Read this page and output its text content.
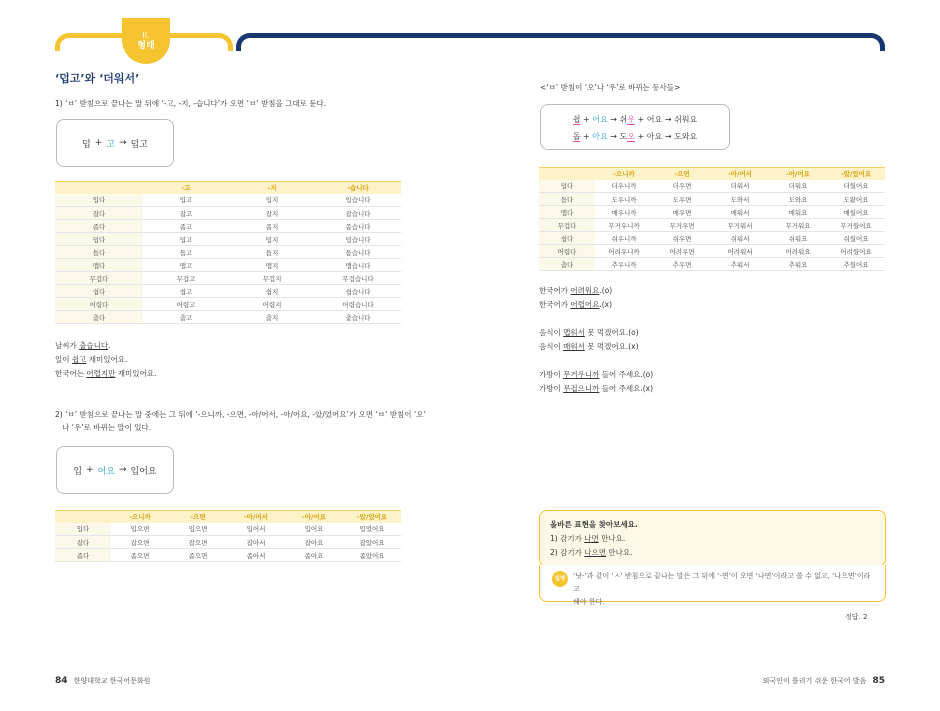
II.
형태
‘덥고’와 ‘더워서’
1) ‘ㅂ’ 받침으로 끝나는 말 뒤에 ‘-고, -지, -습니다’가 오면 ‘ㅂ’ 받침을 그대로 둔다.
덥 + 고 → 덥고
	-고	-지	-습니다
입다	입고	입지	입습니다
잡다	잡고	잡지	잡습니다
좁다	좁고	좁지	좁습니다
덥다	덥고	덥지	덥습니다
돕다	돕고	돕지	돕습니다
맵다	맵고	맵지	맵습니다
무겁다	무겁고	무겁지	무겁습니다
쉽다	쉽고	쉽지	쉽습니다
어렵다	어렵고	어렵지	어렵습니다
춥다	춥고	춥지	춥습니다
날씨가 춥습니다.
일이 쉽고 재미있어요.
한국어는 어렵지만 재미있어요.
2) ‘ㅂ’ 받침으로 끝나는 말 중에는 그 뒤에 ‘-으니까, -으면, -아/어서, -아/어요, -았/었어요’가 오면 ‘ㅂ’ 받침이 ‘오’
나 ‘우’로 바뀌는 말이 있다.
입 + 어요 → 입어요
	-으니까	-으면	-아/어서	-아/어요	-았/었어요
입다	입으면	입으면	입어서	입어요	입었어요
잡다	잡으면	잡으면	잡아서	잡아요	잡았어요
좁다	좁으면	좁으면	좁아서	좁아요	좁았어요
<‘ㅂ’ 받침이 ‘오’나 ‘우’로 바뀌는 동사들>
쉽 + 어요 → 쉬우 + 어요 → 쉬워요
돕 + 아요 → 도오 + 아요 → 도와요
	-으니까	-으면	-아/어서	-아/어요	-았/었어요
덥다	더우니까	더우면	더워서	더워요	더웠어요
돕다	도우니까	도우면	도와서	도와요	도왔어요
맵다	매우니까	매우면	매워서	매워요	매웠어요
무겁다	무거우니까	무거우면	무거워서	무거워요	무거웠어요
쉽다	쉬우니까	쉬우면	쉬워서	쉬워요	쉬웠어요
어렵다	어려우니까	어려우면	어려워서	어려워요	어려웠어요
춥다	추우니까	추우면	추워서	추워요	추웠어요
한국어가 어려워요.(o)
한국어가 어렵어요.(x)

음식이 맵워서 못 먹겠어요.(o)
음식이 매워서 못 먹겠어요.(x)

가방이 무거우니까 들어 주세요.(o)
가방이 무겁으니까 들어 주세요.(x)
올바른 표현을 찾아보세요.
1) 감기가 나면 만나요.
2) 감기가 나으면 만나요.
설명	‘낫-’과 같이 ‘ㅅ’ 받침으로 끝나는 말은 그 뒤에 ‘-면’이 오면 ‘나면’이라고 쓸 수 없고, ‘나으면’이라고
해야 한다.
정답. 2
84 한양대학교 한국어문화원	외국인이 틀리기 쉬운 한국어 발음 85
